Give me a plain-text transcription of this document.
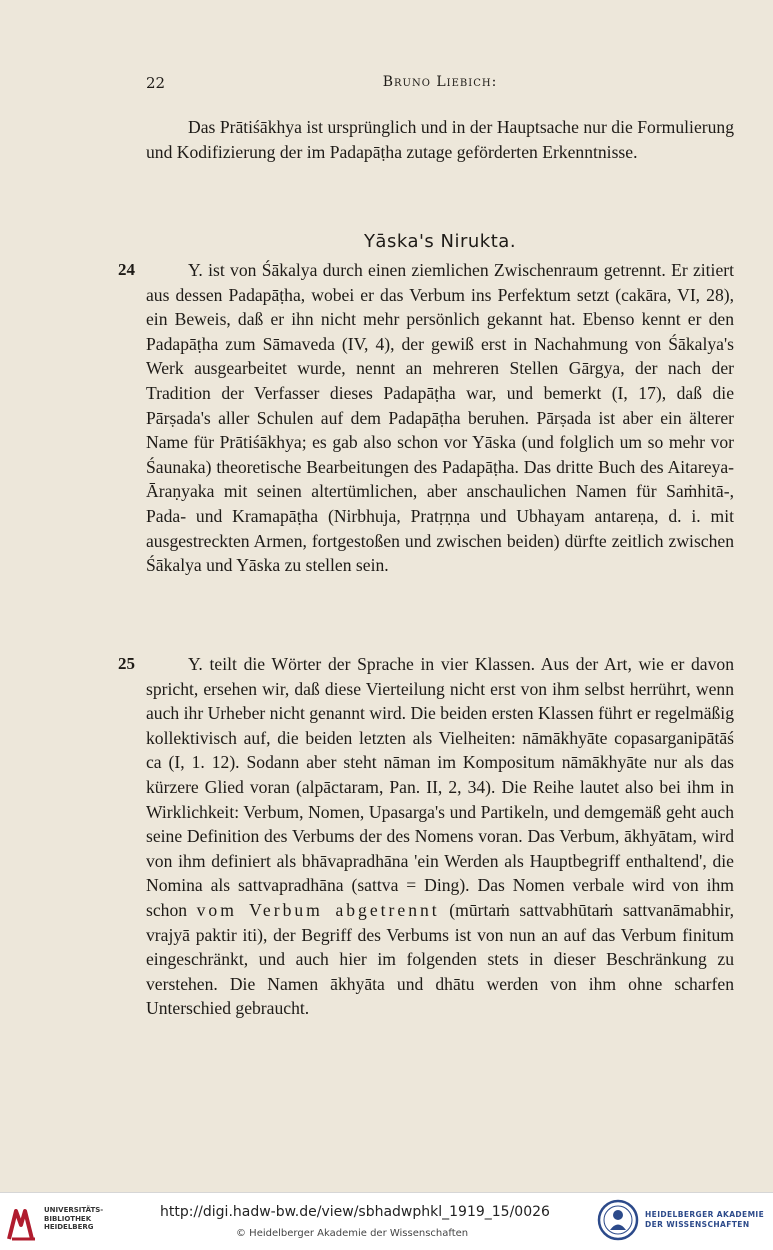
22	Bruno Liebich:

Das Prātiśākhya ist ursprünglich und in der Hauptsache nur die Formulierung und Kodifizierung der im Padapāṭha zutage geförderten Erkenntnisse.

Yāska's Nirukta.
24	Y. ist von Śākalya durch einen ziemlichen Zwischenraum getrennt. Er zitiert aus dessen Padapāṭha, wobei er das Verbum ins Perfektum setzt (cakāra, VI, 28), ein Beweis, daß er ihn nicht mehr persönlich gekannt hat. Ebenso kennt er den Padapāṭha zum Sāmaveda (IV, 4), der gewiß erst in Nachahmung von Śākalya's Werk ausgearbeitet wurde, nennt an mehreren Stellen Gārgya, der nach der Tradition der Verfasser dieses Padapāṭha war, und bemerkt (I, 17), daß die Pārṣada's aller Schulen auf dem Padapāṭha beruhen. Pārṣada ist aber ein älterer Name für Prātiśākhya; es gab also schon vor Yāska (und folglich um so mehr vor Śaunaka) theoretische Bearbeitungen des Padapāṭha. Das dritte Buch des Aitareya-Āraṇyaka mit seinen altertümlichen, aber anschaulichen Namen für Saṁhitā-, Pada- und Kramapāṭha (Nirbhuja, Pratṛṇṇa und Ubhayam antareṇa, d. i. mit ausgestreckten Armen, fortgestoßen und zwischen beiden) dürfte zeitlich zwischen Śākalya und Yāska zu stellen sein.

25	Y. teilt die Wörter der Sprache in vier Klassen. Aus der Art, wie er davon spricht, ersehen wir, daß diese Vierteilung nicht erst von ihm selbst herrührt, wenn auch ihr Urheber nicht genannt wird. Die beiden ersten Klassen führt er regelmäßig kollektivisch auf, die beiden letzten als Vielheiten: nāmākhyāte copasarganipātāś ca (I, 1. 12). Sodann aber steht nāman im Kompositum nāmākhyāte nur als das kürzere Glied voran (alpāctaram, Pan. II, 2, 34). Die Reihe lautet also bei ihm in Wirklichkeit: Verbum, Nomen, Upasarga's und Partikeln, und demgemäß geht auch seine Definition des Verbums der des Nomens voran. Das Verbum, ākhyātam, wird von ihm definiert als bhāvapradhāna 'ein Werden als Hauptbegriff enthaltend', die Nomina als sattvapradhāna (sattva = Ding). Das Nomen verbale wird von ihm schon vom Verbum abgetrennt (mūrtaṁ sattvabhūtaṁ sattvanāmabhir, vrajyā paktir iti), der Begriff des Verbums ist von nun an auf das Verbum finitum eingeschränkt, und auch hier im folgenden stets in dieser Beschränkung zu verstehen. Die Namen ākhyāta und dhātu werden von ihm ohne scharfen Unterschied gebraucht.

UNIVERSITÄTS-
BIBLIOTHEK
HEIDELBERG
http://digi.hadw-bw.de/view/sbhadwphkl_1919_15/0026
© Heidelberger Akademie der Wissenschaften
HEIDELBERGER AKADEMIE
DER WISSENSCHAFTEN
